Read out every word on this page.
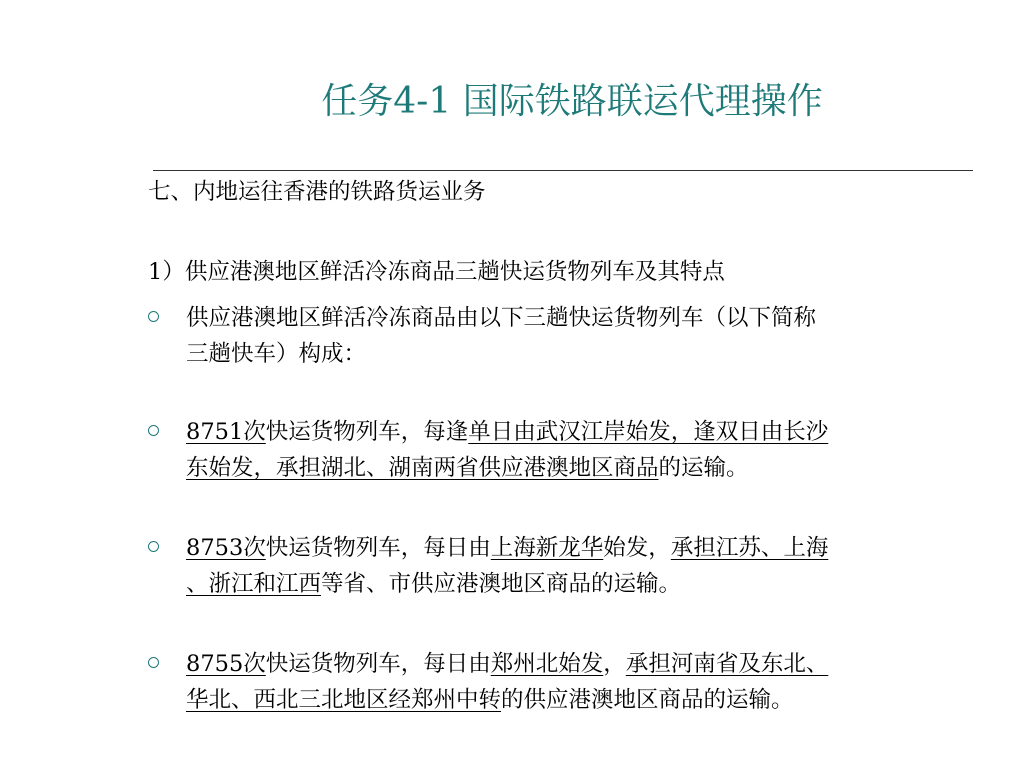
任务4-1 国际铁路联运代理操作
七、内地运往香港的铁路货运业务
1）供应港澳地区鲜活冷冻商品三趟快运货物列车及其特点
供应港澳地区鲜活冷冻商品由以下三趟快运货物列车（以下简称
三趟快车）构成：
8751次快运货物列车，每逢单日由武汉江岸始发，逢双日由长沙
东始发，承担湖北、湖南两省供应港澳地区商品的运输。
8753次快运货物列车，每日由上海新龙华始发，承担江苏、上海
、浙江和江西等省、市供应港澳地区商品的运输。
8755次快运货物列车，每日由郑州北始发，承担河南省及东北、
华北、西北三北地区经郑州中转的供应港澳地区商品的运输。
